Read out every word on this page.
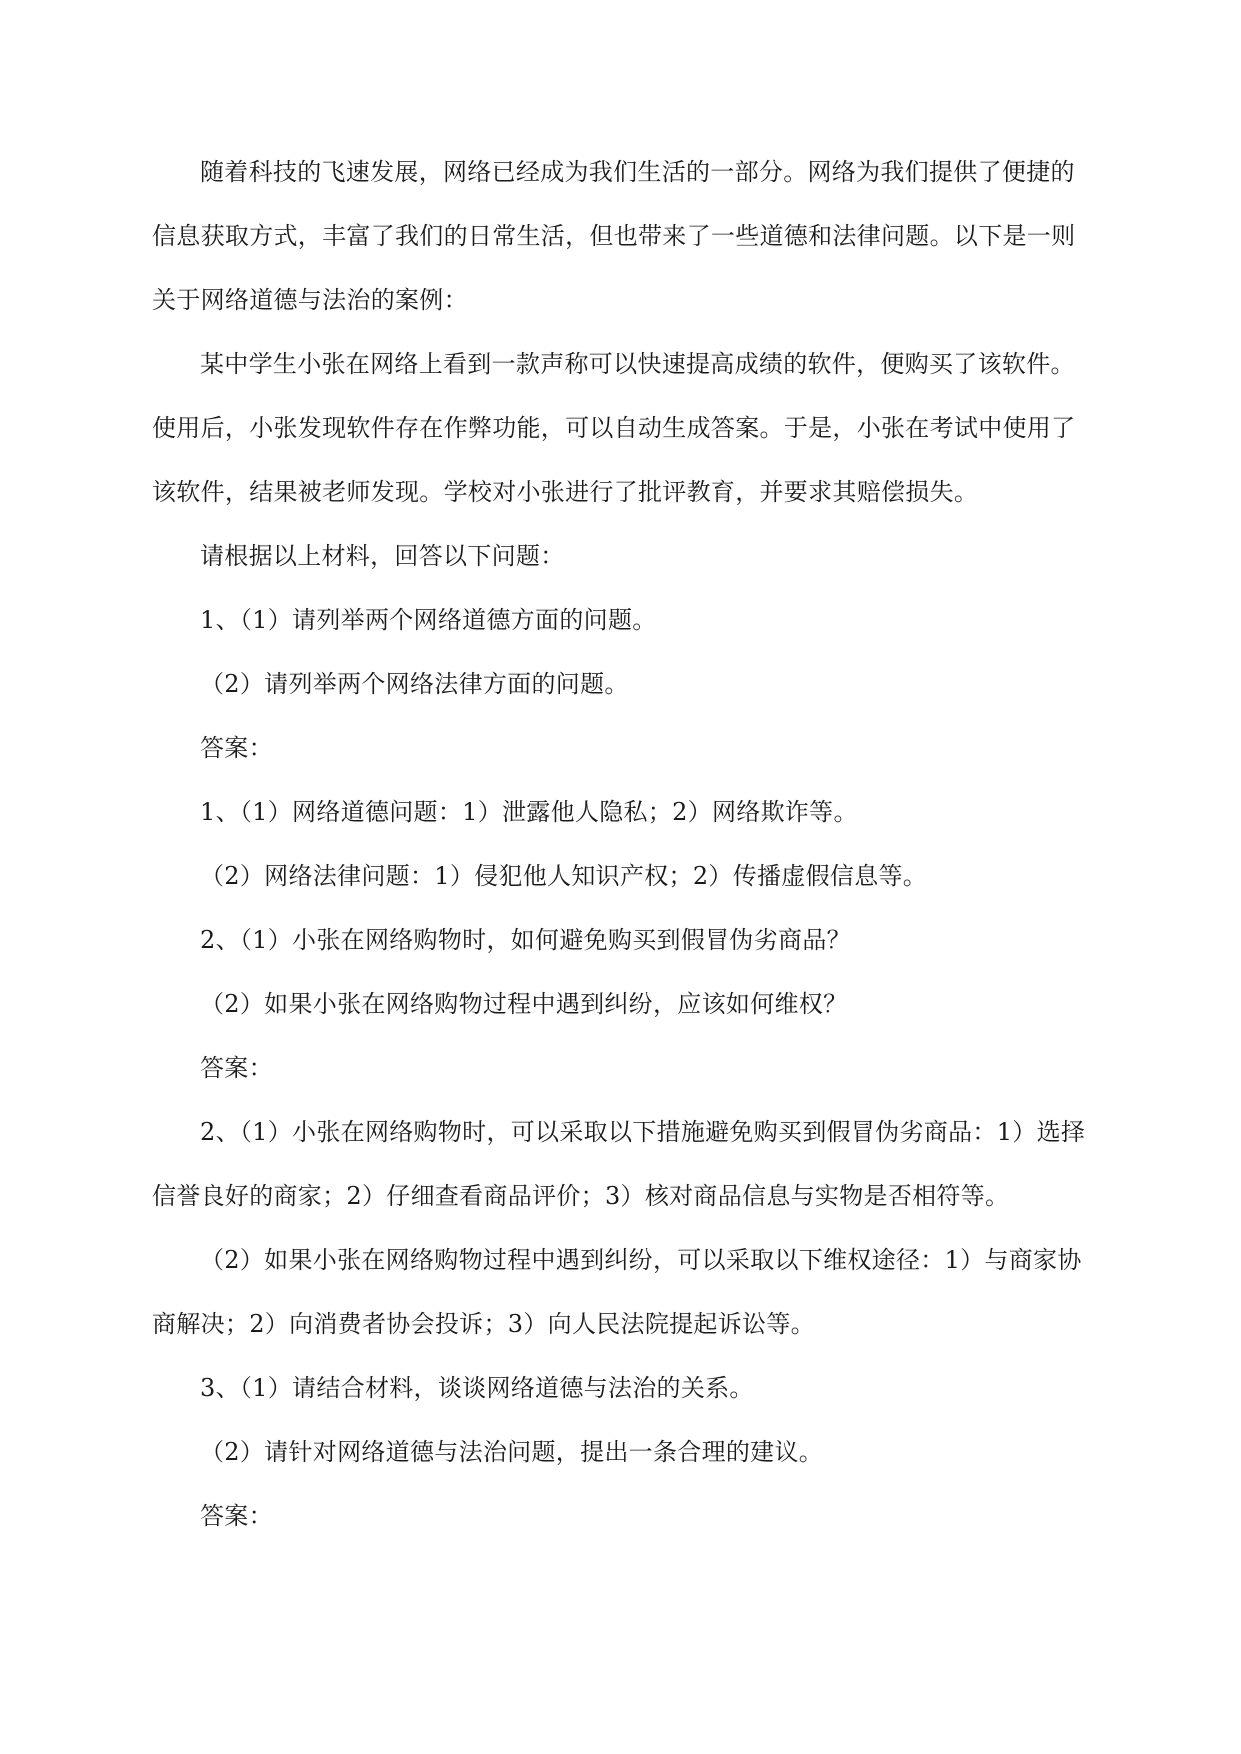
随着科技的飞速发展，网络已经成为我们生活的一部分。网络为我们提供了便捷的信息获取方式，丰富了我们的日常生活，但也带来了一些道德和法律问题。以下是一则关于网络道德与法治的案例：

某中学生小张在网络上看到一款声称可以快速提高成绩的软件，便购买了该软件。使用后，小张发现软件存在作弊功能，可以自动生成答案。于是，小张在考试中使用了该软件，结果被老师发现。学校对小张进行了批评教育，并要求其赔偿损失。

请根据以上材料，回答以下问题：

1、（1）请列举两个网络道德方面的问题。

（2）请列举两个网络法律方面的问题。

答案：

1、（1）网络道德问题：1）泄露他人隐私；2）网络欺诈等。

（2）网络法律问题：1）侵犯他人知识产权；2）传播虚假信息等。

2、（1）小张在网络购物时，如何避免购买到假冒伪劣商品？

（2）如果小张在网络购物过程中遇到纠纷，应该如何维权？

答案：

2、（1）小张在网络购物时，可以采取以下措施避免购买到假冒伪劣商品：1）选择信誉良好的商家；2）仔细查看商品评价；3）核对商品信息与实物是否相符等。

（2）如果小张在网络购物过程中遇到纠纷，可以采取以下维权途径：1）与商家协商解决；2）向消费者协会投诉；3）向人民法院提起诉讼等。

3、（1）请结合材料，谈谈网络道德与法治的关系。

（2）请针对网络道德与法治问题，提出一条合理的建议。

答案：
